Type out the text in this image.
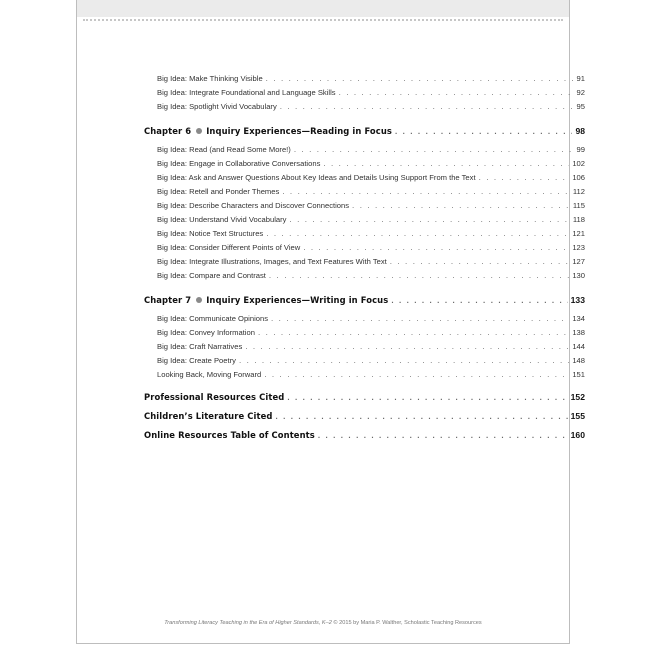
Big Idea: Make Thinking Visible . . .	91
Big Idea: Integrate Foundational and Language Skills . . .	92
Big Idea: Spotlight Vivid Vocabulary . . .	95
Chapter 6 Inquiry Experiences—Reading in Focus . . .	98
Big Idea: Read (and Read Some More!) . . .	99
Big Idea: Engage in Collaborative Conversations . . .	102
Big Idea: Ask and Answer Questions About Key Ideas and Details Using Support From the Text . . .	106
Big Idea: Retell and Ponder Themes . . .	112
Big Idea: Describe Characters and Discover Connections . . .	115
Big Idea: Understand Vivid Vocabulary . . .	118
Big Idea: Notice Text Structures . . .	121
Big Idea: Consider Different Points of View . . .	123
Big Idea: Integrate Illustrations, Images, and Text Features With Text . . .	127
Big Idea: Compare and Contrast . . .	130
Chapter 7 Inquiry Experiences—Writing in Focus . . .	133
Big Idea: Communicate Opinions . . .	134
Big Idea: Convey Information . . .	138
Big Idea: Craft Narratives . . .	144
Big Idea: Create Poetry . . .	148
Looking Back, Moving Forward . . .	151
Professional Resources Cited . . .	152
Children’s Literature Cited . . .	155
Online Resources Table of Contents . . .	160
Transforming Literacy Teaching in the Era of Higher Standards, K–2 © 2015 by Maria P. Walther, Scholastic Teaching Resources
